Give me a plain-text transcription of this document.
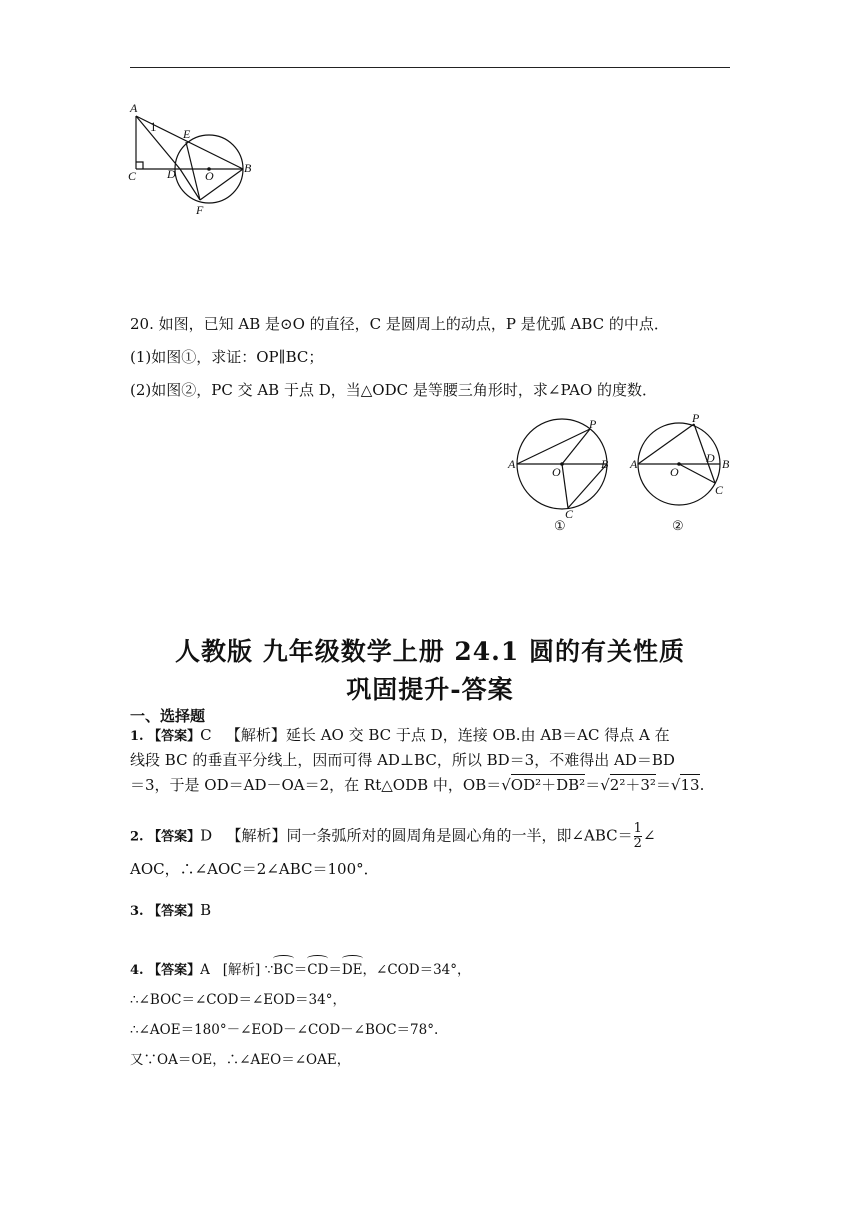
A
1 E
C	D O
B
F
20. 如图，已知 AB 是⊙O 的直径，C 是圆周上的动点，P 是优弧 ABC 的中点．
(1)如图①，求证：OP∥BC；
(2)如图②，PC 交 AB 于点 D，当△ODC 是等腰三角形时，求∠PAO 的度数．
A
P
B
O
C
A
P
D B
O
C
①	②
人教版 九年级数学上册 24.1 圆的有关性质
巩固提升-答案
一、选择题
1. 【答案】C 【解析】延长 AO 交 BC 于点 D，连接 OB.由 AB＝AC 得点 A 在
线段 BC 的垂直平分线上，因而可得 AD⊥BC，所以 BD＝3，不难得出 AD＝BD
＝3，于是 OD＝AD－OA＝2，在 Rt△ODB 中，OB＝√OD²＋DB²＝√2²＋3²＝√13.
2. 【答案】D 【解析】同一条弧所对的圆周角是圆心角的一半，即∠ABC＝ $\frac{1}{2}$ ∠
AOC，∴∠AOC＝2∠ABC＝100°．
3. 【答案】B
4. 【答案】A [解析] ∵BC＝CD＝DE，∠COD＝34°，
∴∠BOC＝∠COD＝∠EOD＝34°，
∴∠AOE＝180°－∠EOD－∠COD－∠BOC＝78°.
又∵OA＝OE，∴∠AEO＝∠OAE，
